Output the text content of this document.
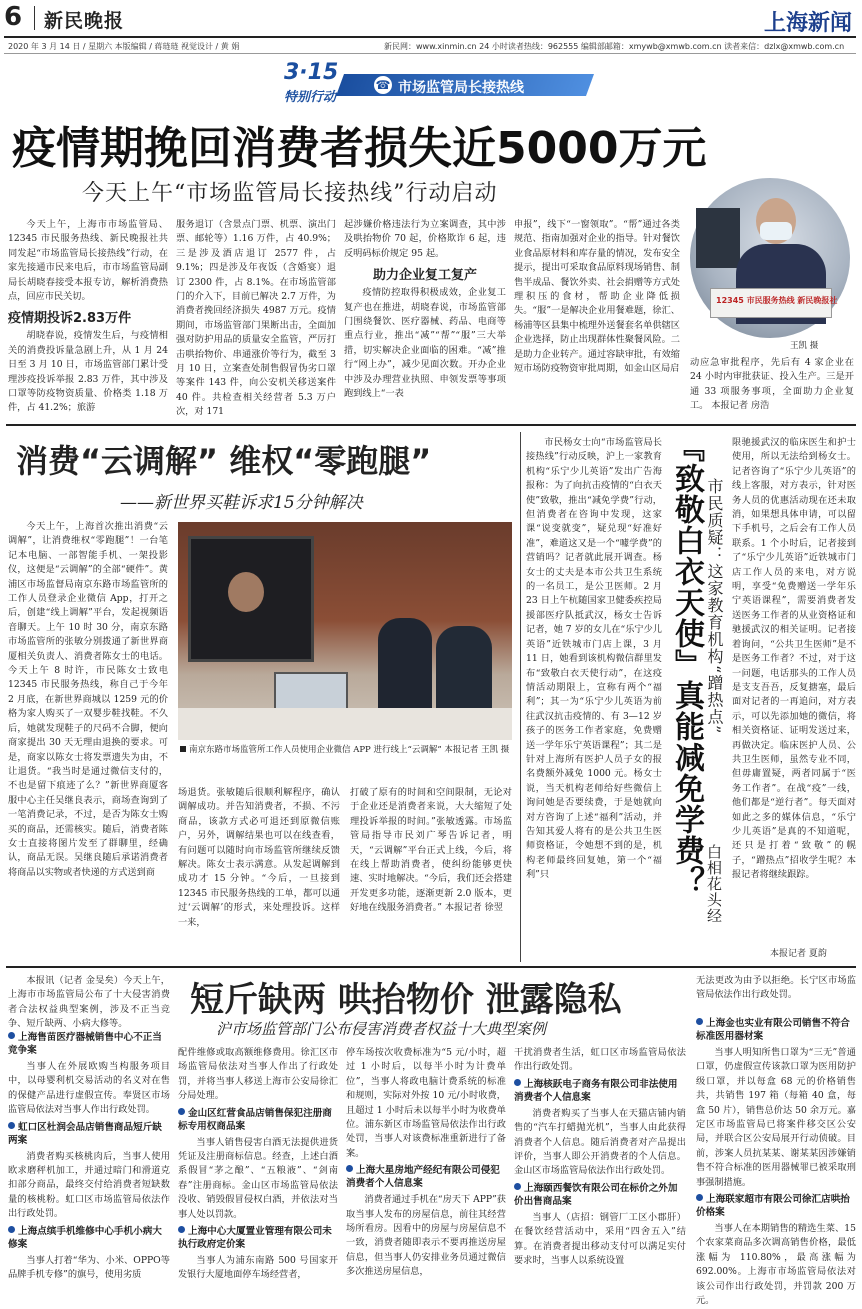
6 新民晚报	上海新闻
2020 年 3 月 14 日 / 星期六 本版编辑 / 蒋琏琏 视觉设计 / 黄 娟	新民网：www.xinmin.cn 24 小时读者热线：962555 编辑部邮箱：xmywb@xmwb.com.cn 读者来信：dzlx@xmwb.com.cn
3·15
特别行动
☎ 市场监管局长接热线
疫情期挽回消费者损失近5000万元
今天上午“市场监管局长接热线”行动启动

今天上午，上海市市场监管局、12345 市民服务热线、新民晚报社共同发起“市场监管局长接热线”行动，在家先接通市民来电后，市市场监管局副局长胡晓春接受本报专访，解析消费热点，回应市民关切。

疫情期投诉2.83万件

胡晓春说，疫情发生后，与疫情相关的消费投诉量急剧上升，从 1 月 24 日至 3 月 10 日，市场监管部门累计受理涉疫投诉举报 2.83 万件，其中涉及口罩等防疫物资质量、价格类 1.18 万件，占 41.2%；旅游

服务退订（含景点门票、机票、演出门票、邮轮等）1.16 万件，占 40.9%；三是涉及酒店退订 2577 件，占 9.1%；四是涉及年夜饭（含婚宴）退订 2300 件，占 8.1%。在市场监管部门的介入下，目前已解决 2.7 万件，为消费者挽回经济损失 4987 万元。疫情期间，市场监管部门果断出击，全面加强对防护用品的质量安全监管，严厉打击哄抬物价、串通涨价等行为，截至 3 月 10 日，立案查处制售假冒伪劣口罩等案件 143 件，向公安机关移送案件 40 件。共检查相关经营者 5.3 万户次，对 171

起涉嫌价格违法行为立案调查，其中涉及哄抬物价 70 起，价格欺诈 6 起，违反明码标价规定 95 起。

助力企业复工复产

疫情防控取得积极成效，企业复工复产也在推进，胡晓春说，市场监管部门围绕餐饮、医疗器械、药品、电商等重点行业，推出“减”“帮”“服”三大举措，切实解决企业面临的困难。“减”推行“网上办”，减少见面次数。开办企业中涉及办理营业执照、申领发票等事项跑到线上“一表

申报”，线下“一窗领取”。“帮”通过各类规范、指南加强对企业的指导。针对餐饮业食品原材料和库存量的情况，发布安全提示，提出可采取食品原料现场销售、制售半成品、餐饮外卖、社会捐赠等方式处理积压的食材，帮助企业降低损失。“服”一是解决企业用餐难题，徐汇、杨浦等区县集中梳理外送餐套名单供辖区企业选择，防止出现群体性聚餐风险。二是助力企业转产。通过容缺审批，有效缩短市场防疫物资审批周期，如金山区局启

12345 市民服务热线 新民晚报社
王凯 摄

动应急审批程序，先后有 4 家企业在 24 小时内审批获证、投入生产。三是开通 33 项服务事项，全面助力企业复工。 本报记者 房浩

消费“云调解” 维权“零跑腿”
——新世界买鞋诉求15分钟解决

今天上午，上海首次推出消费“云调解”，让消费维权“零跑腿”！一台笔记本电脑、一部智能手机、一架投影仪，这便是“云调解”的全部“硬件”。黄浦区市场监督局南京东路市场监管所的工作人员登录企业微信 App，打开之后，创建“线上调解”平台，发起视频语音聊天。上午 10 时 30 分，南京东路市场监管所的张敏分别拨通了新世界商厦相关负责人、消费者陈女士的电话。今天上午 8 时许，市民陈女士致电 12345 市民服务热线，称自己于今年 2 月底，在新世界商城以 1259 元的价格为家人购买了一双婴步鞋找鞋。不久后，她就发现鞋子的尺码不合脚，便向商家提出 30 天无理由退换的要求。可是，商家以陈女士将发票遗失为由，不让退货。“我当时是通过微信支付的，不也是留下痕迹了么？”新世界商厦客服中心主任吴继良表示，商场查询到了一笔消费记录，不过，是否为陈女士购买的商品，还需核实。随后，消费者陈女士直接将图片发至了群聊里，经确认，商品无误。吴继良随后承诺消费者将商品以实物或者快递的方式送到商

南京东路市场监管所工作人员使用企业微信 APP 进行线上“云调解” 本报记者 王凯 摄

场退货。张敏随后很顺利解程序，确认调解成功。并告知消费者，不损、不污商品，该款方式必可退还到原微信账户，另外，调解结果也可以在线查看，有问题可以随时向市场监管所继续反馈解决。陈女士表示满意。从发起调解到成功才 15 分钟。“今后，一旦接到 12345 市民服务热线的工单，都可以通过‘云调解’的形式，来处理投诉。这样一来，

打破了原有的时间和空间限制，无论对于企业还是消费者来说，大大缩短了处理投诉举报的时间。”张敏透露。市场监管局指导市民刘广琴告诉记者，明天，“云调解”平台正式上线，今后，将在线上帮助消费者，使纠纷能够更快速、实时地解决。“今后，我们还会搭建开发更多功能，逐渐更新 2.0 版本，更好地在线服务消费者。” 本报记者 徐翌

市民杨女士向“市场监管局长接热线”行动反映，沪上一家教育机构“乐宁少儿英语”发出广告海报称：为了向抗击疫情的“白衣天使”致敬，推出“减免学费”行动，但消费者在咨询中发现，这家课“说变就变”，疑兑现“好准好准”，难道这又是一个“噱学费”的营销吗？记者就此展开调查。杨女士的丈夫是本市公共卫生系统的一名员工，是公卫医师。2 月 23 日上午杭随国家卫健委疾控局援部医疗队抵武汉，杨女士告诉记者，她 7 岁的女儿在“乐宁少儿英语”近铁城市门店上课，3 月 11 日，她看到该机构微信群里发布“致敬白衣天使行动”，在这疫情活动期限上，宣称有两个“福利”；其一为“乐宁少儿英语为前往武汉抗击疫情的、有 3—12 岁孩子的医务工作者家庭，免费赠送一学年乐宁英语课程”；其二是针对上海所有医护人员子女的报名费额外减免 1000 元。杨女士说，当天机构老师给好些微信上询问她是否要续费，于是她就向对方咨询了上述“福利”活动，并告知其爱人将有的是公共卫生医师资格证，令她想不到的是，机构老师最终回复她，第一个“福利”只	『致敬白衣天使』真能减免学费？ 市民质疑：这家教育机构“蹭热点”
白相花头经

限驰援武汉的临床医生和护士使用，所以无法给到杨女士。记者咨询了“乐宁少儿英语”的线上客服，对方表示，针对医务人员的优惠活动现在还未取消，如果想具体申请，可以留下手机号，之后会有工作人员联系。1 个小时后，记者接到了“乐宁少儿英语”近铁城市门店工作人员的来电，对方说明，享受“免费赠送一学年乐宁英语课程”，需要消费者发送医务工作者的从业资格证和驰援武汉的相关证明。记者接着询问，“公共卫生医师”是不是医务工作者？不过，对于这一问题，电话那头的工作人员是支支吾吾，反复搪塞，最后面对记者的一再追问，对方表示，可以先添加她的微信，将相关资格证、证明发送过来，再做决定。临床医护人员、公共卫生医师，虽然专业不同，但毋庸置疑，两者同属于“医务工作者”。在战“疫”一线，他们都是“逆行者”。每天面对如此之多的媒体信息，“乐宁少儿英语”是真的不知道呢，还只是打着“致敬”的幌子，“蹭热点”招收学生呢？本报记者将继续跟踪。

本报记者 夏韵

本报讯（记者 金旻矣）今天上午，上海市市场监管局公布了十大侵害消费者合法权益典型案例，涉及不正当竞争、短斤缺两、小病大修等。

短斤缺两 哄抬物价 泄露隐私
沪市场监管部门公布侵害消费者权益十大典型案例

无法更改为由予以拒绝。长宁区市场监管局依法作出行政处罚。

上海售苗医疗器械销售中心不正当竞争案

当事人在外展欧购当构服务项目中，以母婴利机交易活动的名义对在售的保健产品进行虚假宣传。奉贤区市场监管局依法对当事人作出行政处罚。

虹口区杜润会品店销售商品短斤缺两案

消费者购买核桃肉后，当事人使用欧求磨秤机加工，并通过暗门和滑道克扣部分商品，最终交付给消费者短缺数量的核桃粉。虹口区市场监管局依法作出行政处罚。

上海点缤手机维修中心手机小病大修案

当事人打着“华为、小米、OPPO等品牌手机专修”的旗号，使用劣质

配件维修或取高额维修费用。徐汇区市场监管局依法对当事人作出了行政处罚，并将当事人移送上海市公安局徐汇分局处理。

金山区红营食品店销售保犯注册商标专用权商品案

当事人销售侵害白酒无法提供进货凭证及注册商标信息。经查，上述白酒系假冒“茅之酿”、“五粮液”、“剑南春”注册商标。金山区市场监管局依法没收、销毁假冒侵权白酒，并依法对当事人处以罚款。

上海中心大厦置业管理有限公司未执行政府定价案

当事人为浦东南路 500 号国家开发银行大厦地面停车场经营者，

停车场按次收费标准为“5 元/小时，超过 1 小时后，以每半小时为计费单位”，当事人将政电脑计费系统的标准和规则，实际对外按 10 元/小时收费，且超过 1 小时后未以每半小时为收费单位。浦东新区市场监管局依法作出行政处罚，当事人对该费标准重新进行了备案。

上海大星房地产经纪有限公司侵犯消费者个人信息案

消费者通过手机在“房天下 APP”获取当事人发布的房屋信息，前往其经营场所看房。因看中的房屋与房屋信息不一致，消费者随即表示不要再推送房屋信息，但当事人仍安排业务员通过微信多次推送房屋信息，

干扰消费者生活，虹口区市场监管局依法作出行政处罚。

上海核跃电子商务有限公司非法使用消费者个人信息案

消费者购买了当事人在天猫店铺内销售的“汽车打蜡抛光机”，当事人由此获得消费者个人信息。随后消费者对产品提出评价，当事人即公开消费者的个人信息。金山区市场监管局依法作出行政处罚。

上海颐西餐饮有限公司在标价之外加价出售商品案

当事人（店招：钢管厂工区小郡肝）在餐饮经营活动中，采用“四舍五入”结算。在消费者提出移动支付可以满足实付要求时，当事人以系统设置

上海金也实业有限公司销售不符合标准医用器材案

当事人明知所售口罩为“三无”普通口罩，仍虚假宣传该款口罩为医用防护级口罩，并以每盒 68 元的价格销售共，共销售 197 箱（每箱 40 盒，每盒 50 片），销售总价达 50 余万元。嘉定区市场监管局已将案件移交区公安局，并联合区公安局展开行动侦破。目前，涉案人员抗某某、谢某某因涉嫌销售不符合标准的医用器械罪已被采取刑事强制措施。

上海联家超市有限公司徐汇店哄抬价格案

当事人在本期销售的精选生菜、15 个农家菜商品多次调高销售价格，最低涨幅为 110.80%，最高涨幅为 692.00%。上海市市场监管局依法对该公司作出行政处罚，并罚款 200 万元。
